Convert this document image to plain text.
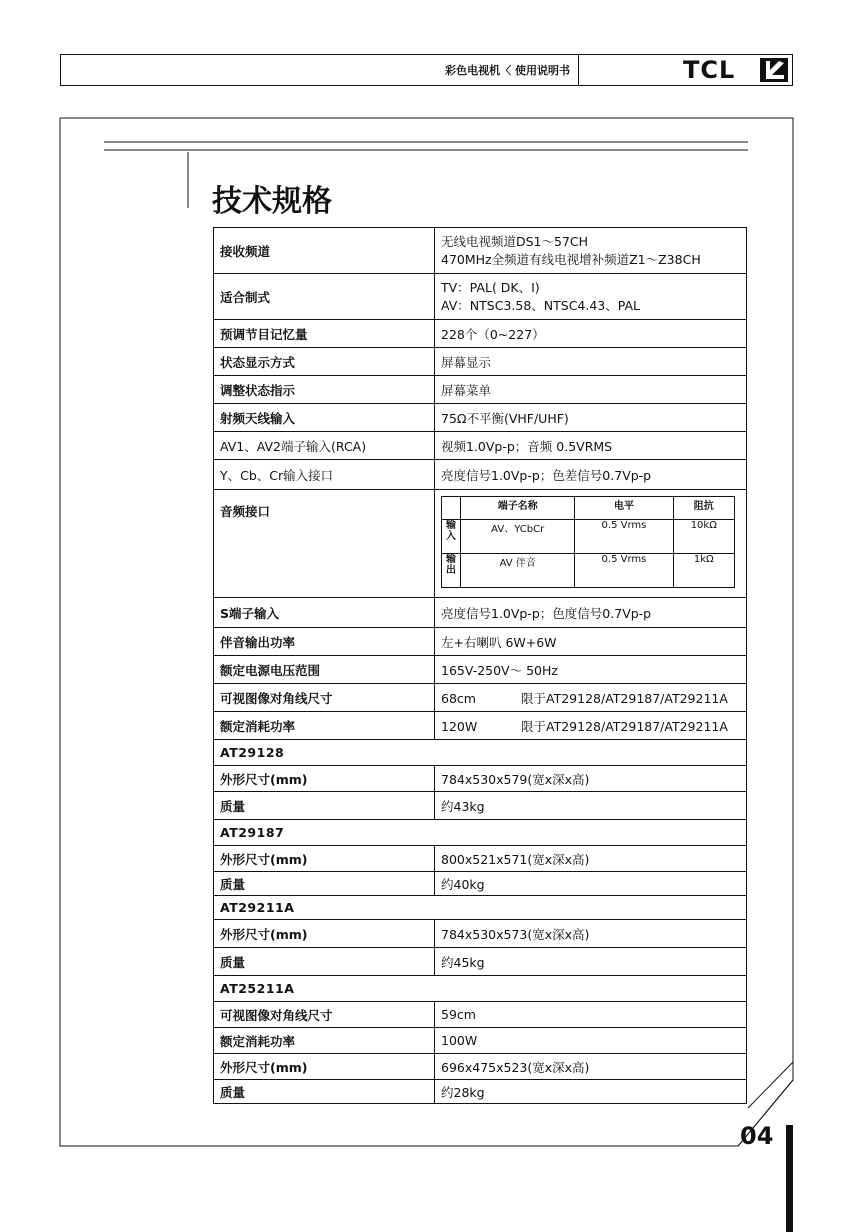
彩色电视机〈 使用说明书	TCL
技术规格
接收频道	无线电视频道DS1～57CH
470MHz全频道有线电视增补频道Z1～Z38CH
适合制式	TV：PAL( DK、I)
AV：NTSC3.58、NTSC4.43、PAL
预调节目记忆量	228个（0~227）
状态显示方式	屏幕显示
调整状态指示	屏幕菜单
射频天线输入	75Ω不平衡(VHF/UHF)
AV1、AV2端子输入(RCA)	视频1.0Vp-p；音频 0.5VRMS
Y、Cb、Cr输入接口	亮度信号1.0Vp-p；色差信号0.7Vp-p
音频接口	
		端子名称	电平	阻抗
输入	AV、YCbCr	0.5 Vrms	10kΩ
输出	AV 伴音	0.5 Vrms	1kΩ

S端子输入	亮度信号1.0Vp-p；色度信号0.7Vp-p
伴音输出功率	左+右喇叭 6W+6W
额定电源电压范围	165V-250V～ 50Hz
可视图像对角线尺寸	68cm	限于AT29128/AT29187/AT29211A
额定消耗功率	120W	限于AT29128/AT29187/AT29211A
AT29128
外形尺寸(mm)	784x530x579(宽x深x高)
质量	约43kg
AT29187
外形尺寸(mm)	800x521x571(宽x深x高)
质量	约40kg
AT29211A
外形尺寸(mm)	784x530x573(宽x深x高)
质量	约45kg
AT25211A
可视图像对角线尺寸	59cm
额定消耗功率	100W
外形尺寸(mm)	696x475x523(宽x深x高)
质量	约28kg
04
